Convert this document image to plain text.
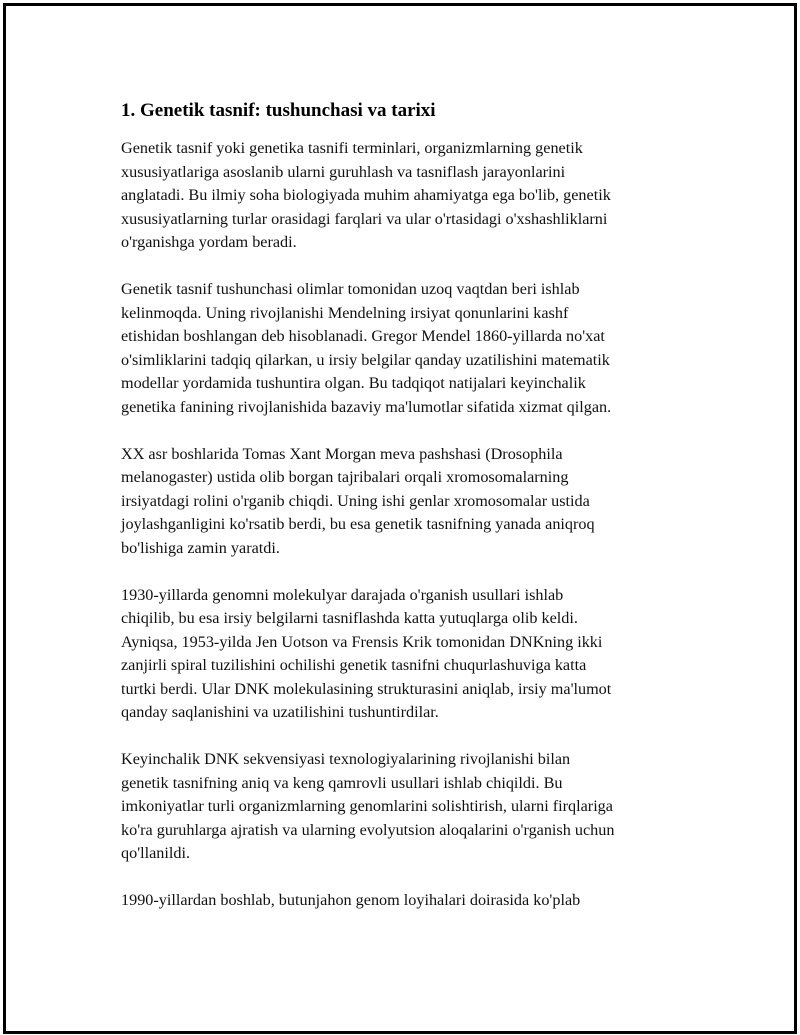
1. Genetik tasnif: tushunchasi va tarixi
Genetik tasnif yoki genetika tasnifi terminlari, organizmlarning genetik
xususiyatlariga asoslanib ularni guruhlash va tasniflash jarayonlarini
anglatadi. Bu ilmiy soha biologiyada muhim ahamiyatga ega bo'lib, genetik
xususiyatlarning turlar orasidagi farqlari va ular o'rtasidagi o'xshashliklarni
o'rganishga yordam beradi.
Genetik tasnif tushunchasi olimlar tomonidan uzoq vaqtdan beri ishlab
kelinmoqda. Uning rivojlanishi Mendelning irsiyat qonunlarini kashf
etishidan boshlangan deb hisoblanadi. Gregor Mendel 1860-yillarda no'xat
o'simliklarini tadqiq qilarkan, u irsiy belgilar qanday uzatilishini matematik
modellar yordamida tushuntira olgan. Bu tadqiqot natijalari keyinchalik
genetika fanining rivojlanishida bazaviy ma'lumotlar sifatida xizmat qilgan.
XX asr boshlarida Tomas Xant Morgan meva pashshasi (Drosophila
melanogaster) ustida olib borgan tajribalari orqali xromosomalarning
irsiyatdagi rolini o'rganib chiqdi. Uning ishi genlar xromosomalar ustida
joylashganligini ko'rsatib berdi, bu esa genetik tasnifning yanada aniqroq
bo'lishiga zamin yaratdi.
1930-yillarda genomni molekulyar darajada o'rganish usullari ishlab
chiqilib, bu esa irsiy belgilarni tasniflashda katta yutuqlarga olib keldi.
Ayniqsa, 1953-yilda Jen Uotson va Frensis Krik tomonidan DNKning ikki
zanjirli spiral tuzilishini ochilishi genetik tasnifni chuqurlashuviga katta
turtki berdi. Ular DNK molekulasining strukturasini aniqlab, irsiy ma'lumot
qanday saqlanishini va uzatilishini tushuntirdilar.
Keyinchalik DNK sekvensiyasi texnologiyalarining rivojlanishi bilan
genetik tasnifning aniq va keng qamrovli usullari ishlab chiqildi. Bu
imkoniyatlar turli organizmlarning genomlarini solishtirish, ularni firqlariga
ko'ra guruhlarga ajratish va ularning evolyutsion aloqalarini o'rganish uchun
qo'llanildi.
1990-yillardan boshlab, butunjahon genom loyihalari doirasida ko'plab
